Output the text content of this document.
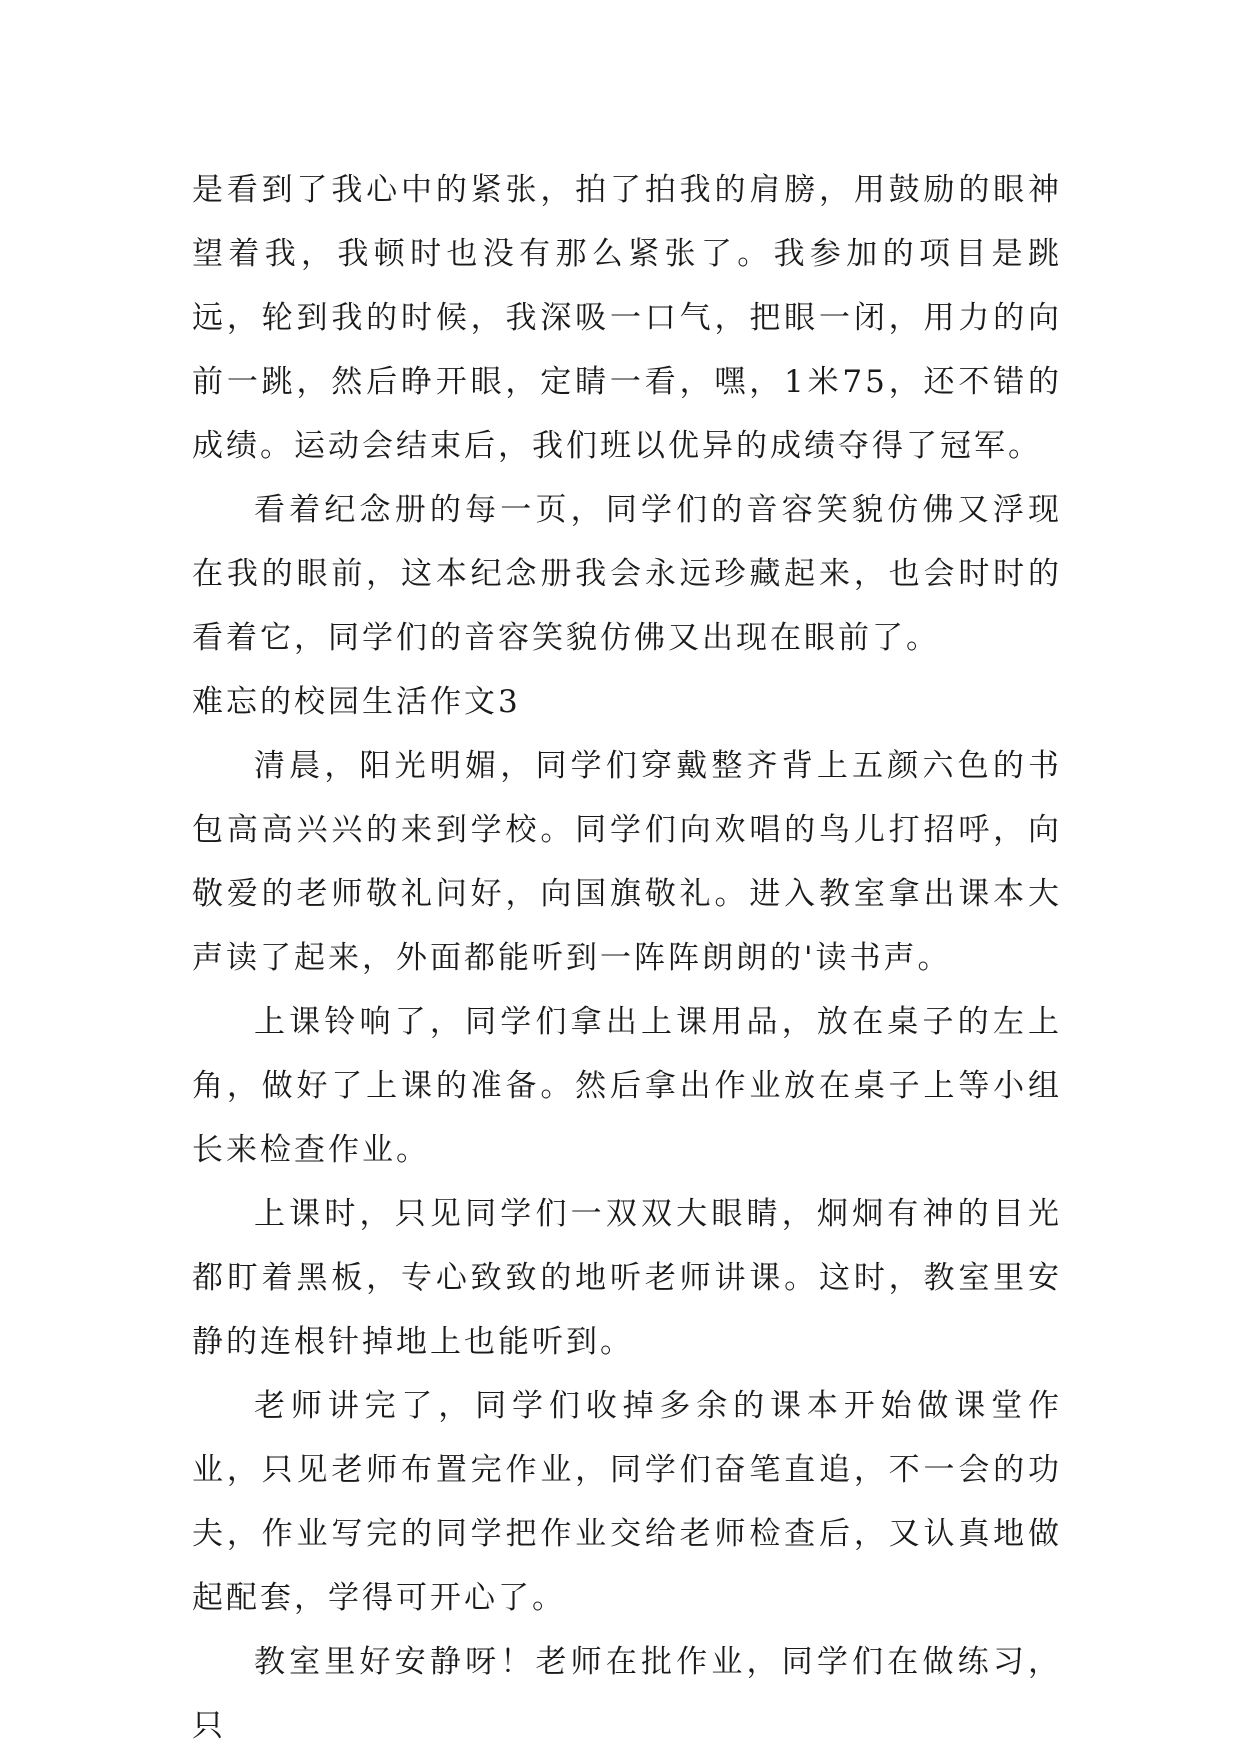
是看到了我心中的紧张，拍了拍我的肩膀，用鼓励的眼神望着我，我顿时也没有那么紧张了。我参加的项目是跳远，轮到我的时候，我深吸一口气，把眼一闭，用力的向前一跳，然后睁开眼，定睛一看，嘿，1米75，还不错的成绩。运动会结束后，我们班以优异的成绩夺得了冠军。

看着纪念册的每一页，同学们的音容笑貌仿佛又浮现在我的眼前，这本纪念册我会永远珍藏起来，也会时时的看着它，同学们的音容笑貌仿佛又出现在眼前了。

难忘的校园生活作文3

清晨，阳光明媚，同学们穿戴整齐背上五颜六色的书包高高兴兴的来到学校。同学们向欢唱的鸟儿打招呼，向敬爱的老师敬礼问好，向国旗敬礼。进入教室拿出课本大声读了起来，外面都能听到一阵阵朗朗的'读书声。

上课铃响了，同学们拿出上课用品，放在桌子的左上角，做好了上课的准备。然后拿出作业放在桌子上等小组长来检查作业。

上课时，只见同学们一双双大眼睛，炯炯有神的目光都盯着黑板，专心致致的地听老师讲课。这时，教室里安静的连根针掉地上也能听到。

老师讲完了，同学们收掉多余的课本开始做课堂作业，只见老师布置完作业，同学们奋笔直追，不一会的功夫，作业写完的同学把作业交给老师检查后，又认真地做起配套，学得可开心了。

教室里好安静呀！老师在批作业，同学们在做练习，只
